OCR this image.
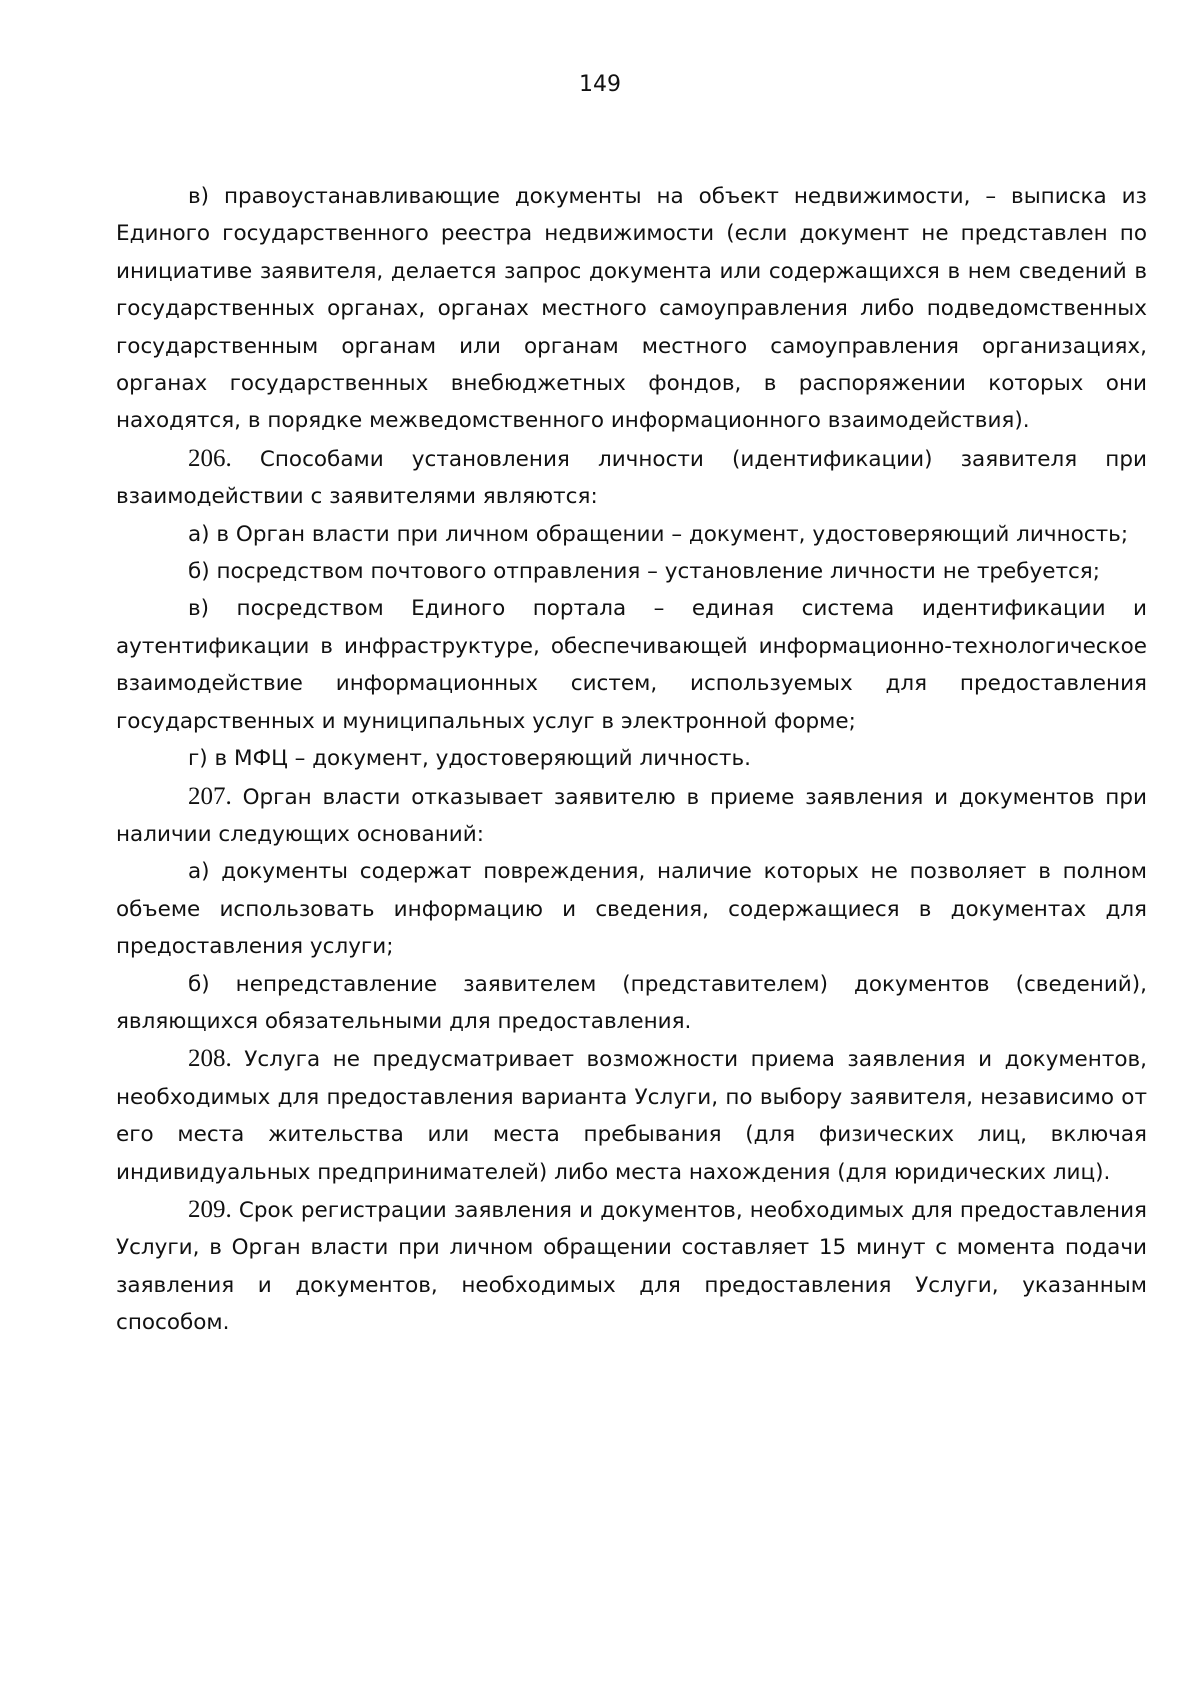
149

в) правоустанавливающие документы на объект недвижимости, – выписка из Единого государственного реестра недвижимости (если документ не представлен по инициативе заявителя, делается запрос документа или содержащихся в нем сведений в государственных органах, органах местного самоуправления либо подведомственных государственным органам или органам местного самоуправления организациях, органах государственных внебюджетных фондов, в распоряжении которых они находятся, в порядке межведомственного информационного взаимодействия).

206. Способами установления личности (идентификации) заявителя при взаимодействии с заявителями являются:

а) в Орган власти при личном обращении – документ, удостоверяющий личность;

б) посредством почтового отправления – установление личности не требуется;

в) посредством Единого портала – единая система идентификации и аутентификации в инфраструктуре, обеспечивающей информационно-технологическое взаимодействие информационных систем, используемых для предоставления государственных и муниципальных услуг в электронной форме;

г) в МФЦ – документ, удостоверяющий личность.

207. Орган власти отказывает заявителю в приеме заявления и документов при наличии следующих оснований:

а) документы содержат повреждения, наличие которых не позволяет в полном объеме использовать информацию и сведения, содержащиеся в документах для предоставления услуги;

б) непредставление заявителем (представителем) документов (сведений), являющихся обязательными для предоставления.

208. Услуга не предусматривает возможности приема заявления и документов, необходимых для предоставления варианта Услуги, по выбору заявителя, независимо от его места жительства или места пребывания (для физических лиц, включая индивидуальных предпринимателей) либо места нахождения (для юридических лиц).

209. Срок регистрации заявления и документов, необходимых для предоставления Услуги, в Орган власти при личном обращении составляет 15 минут с момента подачи заявления и документов, необходимых для предоставления Услуги, указанным способом.
